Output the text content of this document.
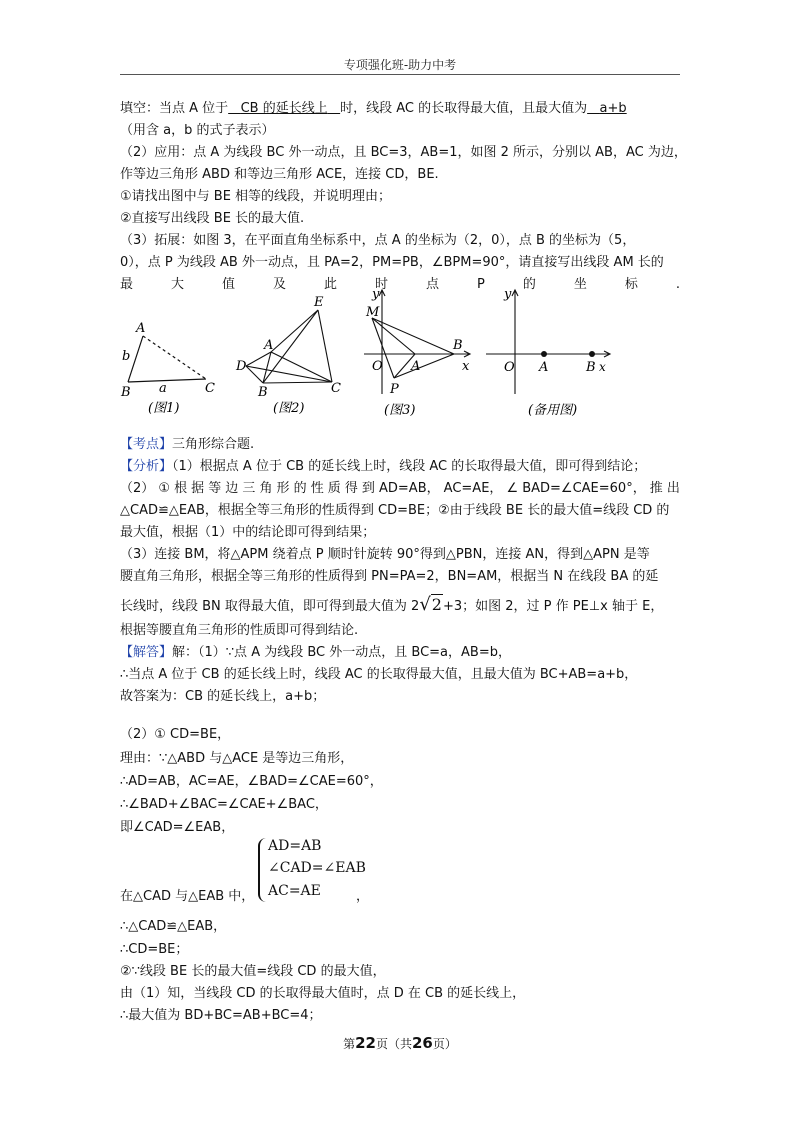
专项强化班-助力中考
填空：当点 A 位于 CB 的延长线上 时，线段 AC 的长取得最大值，且最大值为 a+b
（用含 a，b 的式子表示）
（2）应用：点 A 为线段 BC 外一动点，且 BC=3，AB=1，如图 2 所示，分别以 AB，AC 为边，
作等边三角形 ABD 和等边三角形 ACE，连接 CD，BE.
①请找出图中与 BE 相等的线段，并说明理由；
②直接写出线段 BE 长的最大值.
（3）拓展：如图 3，在平面直角坐标系中，点 A 的坐标为（2，0），点 B 的坐标为（5，
0），点 P 为线段 AB 外一动点，且 PA=2，PM=PB，∠BPM=90°，请直接写出线段 AM 长的
最	大	值	及	此	时	点	P	的	坐	标	.
A
b
B a	C
(图1)
E
A
D
B	C
(图2)
y
M
O A
P
B
x
(图3)
y
O A	B x
(备用图)
【考点】三角形综合题.
【分析】（1）根据点 A 位于 CB 的延长线上时，线段 AC 的长取得最大值，即可得到结论；
（2） ① 根 据 等 边 三 角 形 的 性 质 得 到 AD=AB， AC=AE， ∠ BAD=∠CAE=60°， 推 出
△CAD≌△EAB，根据全等三角形的性质得到 CD=BE；②由于线段 BE 长的最大值=线段 CD 的
最大值，根据（1）中的结论即可得到结果；
（3）连接 BM，将△APM 绕着点 P 顺时针旋转 90°得到△PBN，连接 AN，得到△APN 是等
腰直角三角形，根据全等三角形的性质得到 PN=PA=2，BN=AM，根据当 N 在线段 BA 的延
长线时，线段 BN 取得最大值，即可得到最大值为 2√2+3；如图 2，过 P 作 PE⊥x 轴于 E，
根据等腰直角三角形的性质即可得到结论.
【解答】解：（1）∵点 A 为线段 BC 外一动点，且 BC=a，AB=b，
∴当点 A 位于 CB 的延长线上时，线段 AC 的长取得最大值，且最大值为 BC+AB=a+b，
故答案为：CB 的延长线上，a+b；
（2）① CD=BE，
理由：∵△ABD 与△ACE 是等边三角形，
∴AD=AB，AC=AE，∠BAD=∠CAE=60°，
∴∠BAD+∠BAC=∠CAE+∠BAC，
即∠CAD=∠EAB，
AD=AB
∠CAD=∠EAB
AC=AE
在△CAD 与△EAB 中，	，
∴△CAD≌△EAB，
∴CD=BE；
②∵线段 BE 长的最大值=线段 CD 的最大值，
由（1）知，当线段 CD 的长取得最大值时，点 D 在 CB 的延长线上，
∴最大值为 BD+BC=AB+BC=4；
第22页（共26页）
